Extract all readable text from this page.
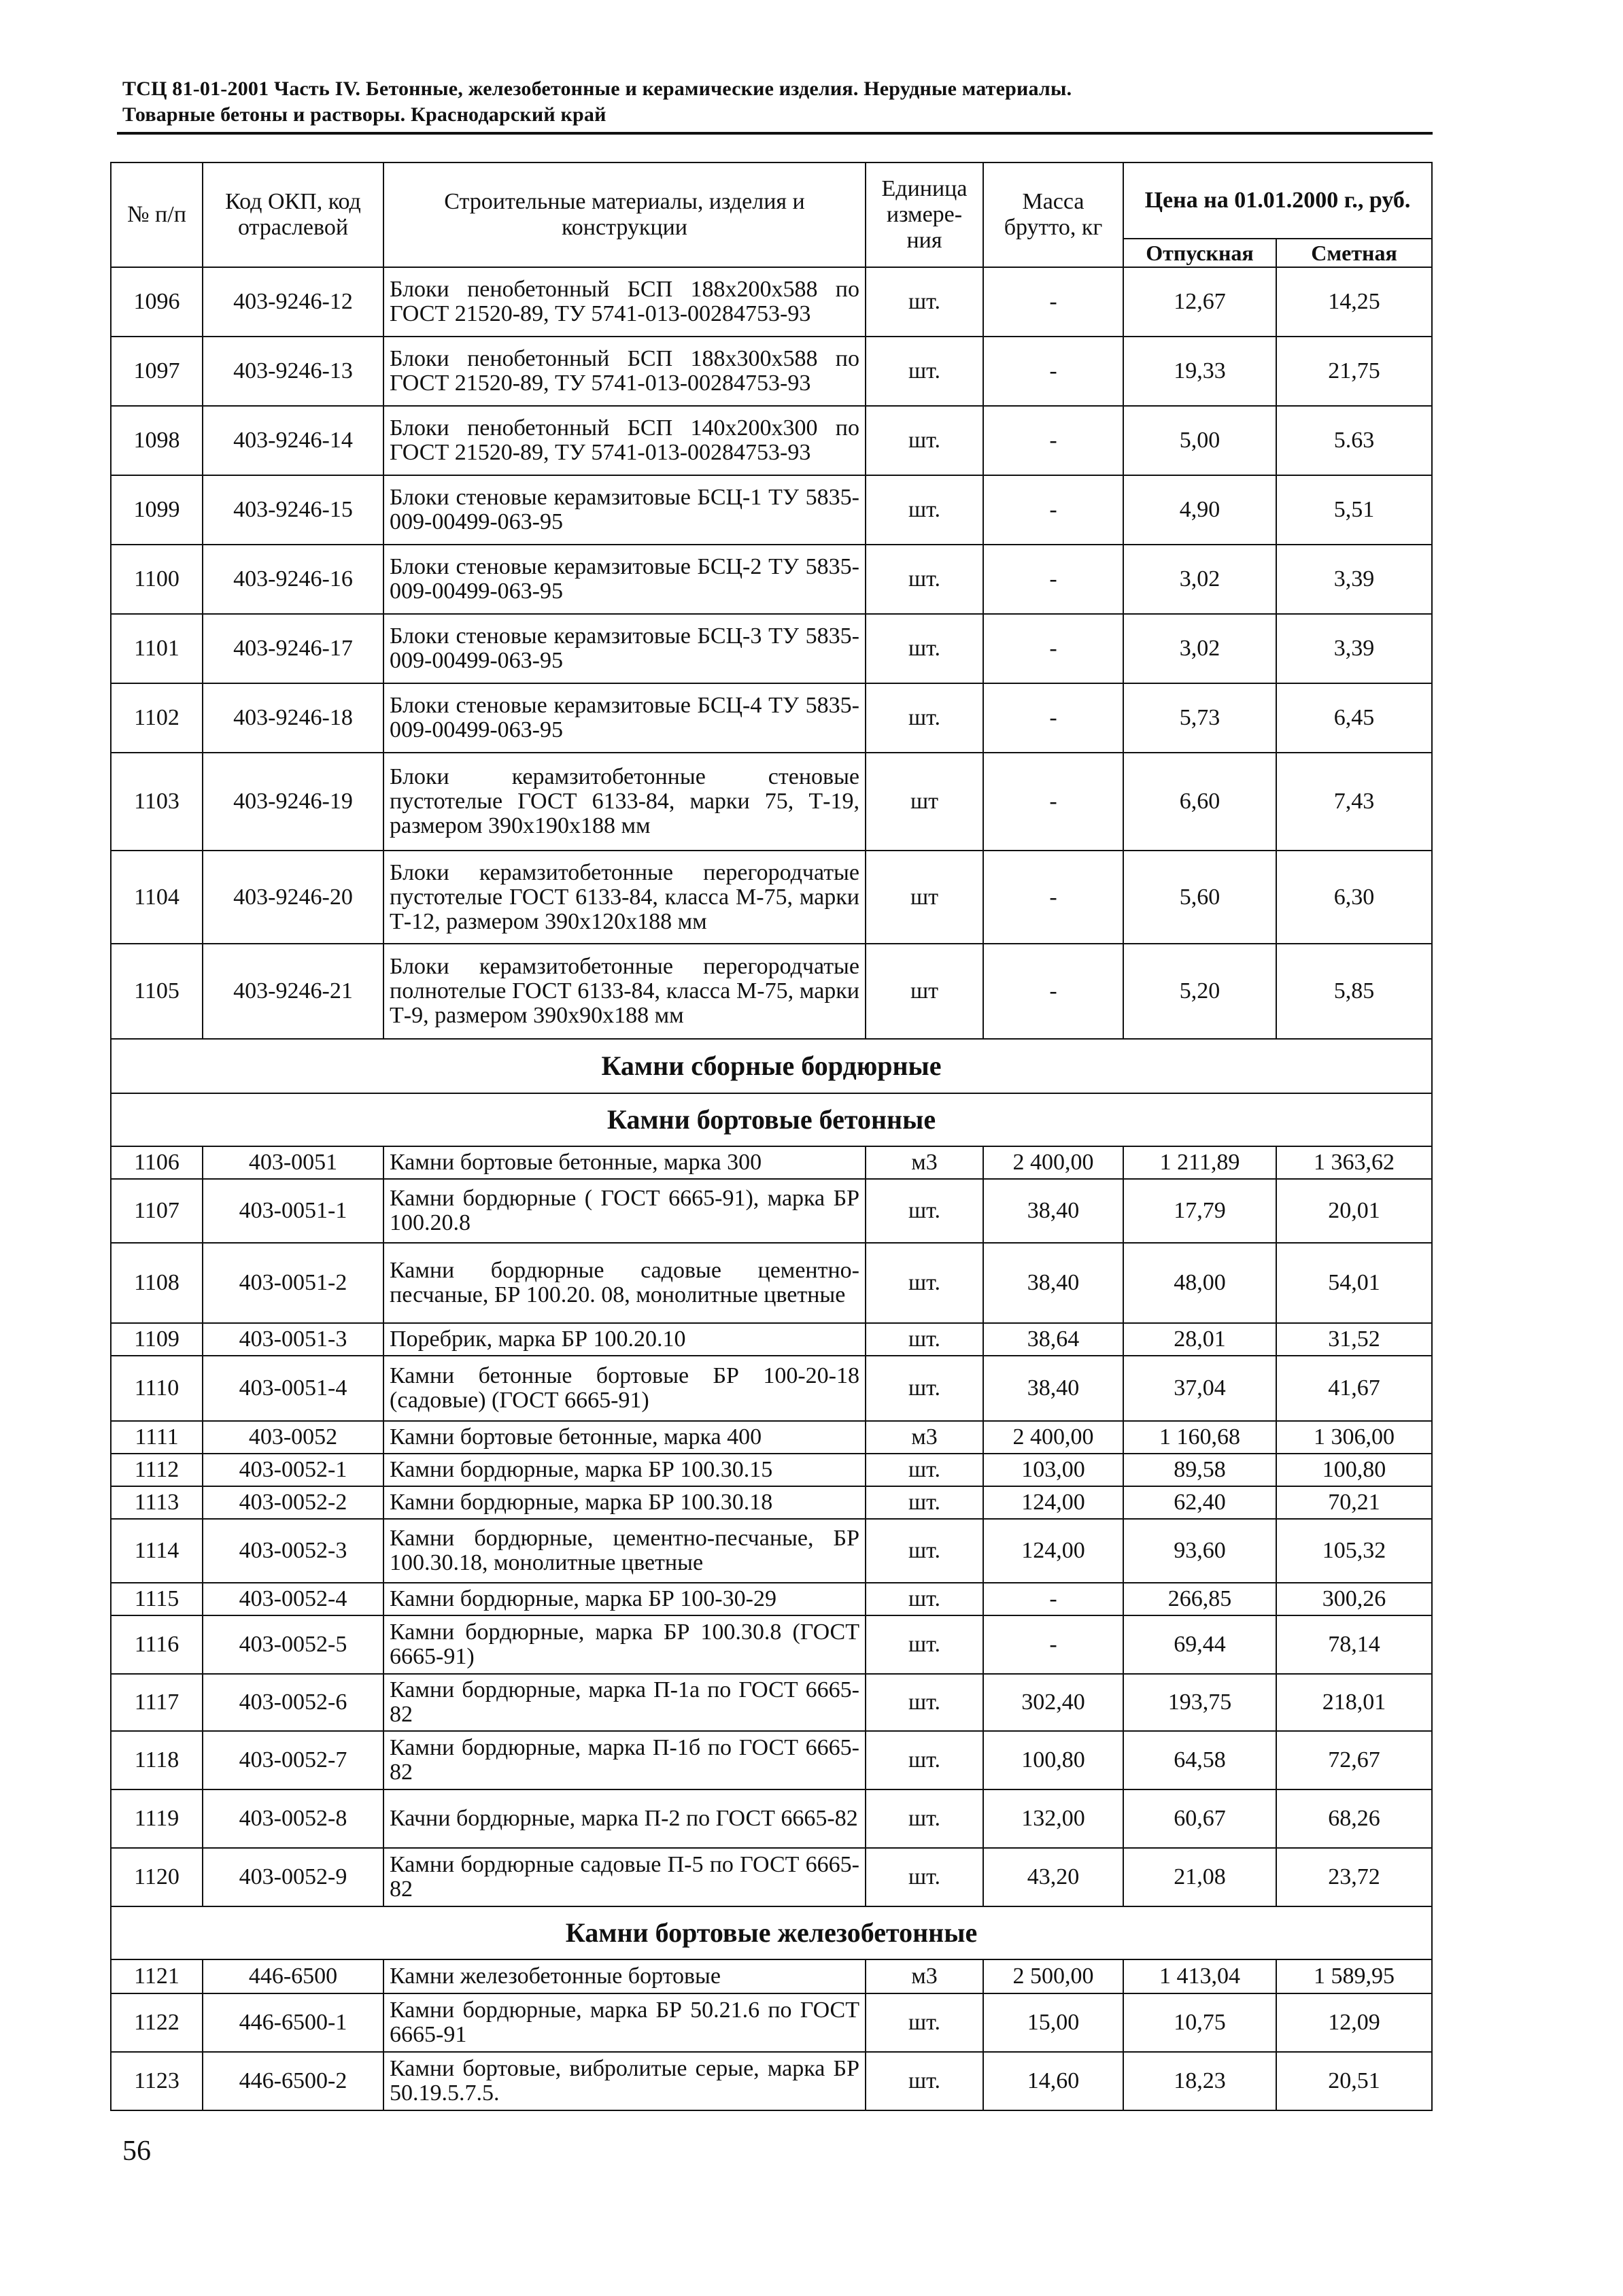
ТСЦ 81-01-2001 Часть IV. Бетонные, железобетонные и керамические изделия. Нерудные материалы.
Товарные бетоны и растворы. Краснодарский край
№ п/п	Код ОКП, код отраслевой	Строительные материалы, изделия и конструкции	Единица измере-ния	Масса брутто, кг	Цена на 01.01.2000 г., руб.	
					Отпускная	Сметная
1096	403-9246-12	Блоки пенобетонный БСП 188х200х588 по ГОСТ 21520-89, ТУ 5741-013-00284753-93	шт.	-	12,67	14,25
1097	403-9246-13	Блоки пенобетонный БСП 188х300х588 по ГОСТ 21520-89, ТУ 5741-013-00284753-93	шт.	-	19,33	21,75
1098	403-9246-14	Блоки пенобетонный БСП 140х200х300 по ГОСТ 21520-89, ТУ 5741-013-00284753-93	шт.	-	5,00	5.63
1099	403-9246-15	Блоки стеновые керамзитовые БСЦ-1 ТУ 5835-009-00499-063-95	шт.	-	4,90	5,51
1100	403-9246-16	Блоки стеновые керамзитовые БСЦ-2 ТУ 5835-009-00499-063-95	шт.	-	3,02	3,39
1101	403-9246-17	Блоки стеновые керамзитовые БСЦ-3 ТУ 5835-009-00499-063-95	шт.	-	3,02	3,39
1102	403-9246-18	Блоки стеновые керамзитовые БСЦ-4 ТУ 5835-009-00499-063-95	шт.	-	5,73	6,45
1103	403-9246-19	Блоки керамзитобетонные стеновые пустотелые ГОСТ 6133-84, марки 75, Т-19, размером 390х190х188 мм	шт	-	6,60	7,43
1104	403-9246-20	Блоки керамзитобетонные перегородчатые пустотелые ГОСТ 6133-84, класса М-75, марки Т-12, размером 390х120х188 мм	шт	-	5,60	6,30
1105	403-9246-21	Блоки керамзитобетонные перегородчатые полнотелые ГОСТ 6133-84, класса М-75, марки Т-9, размером 390х90х188 мм	шт	-	5,20	5,85
Камни сборные бордюрные						
Камни бортовые бетонные						
1106	403-0051	Камни бортовые бетонные, марка 300	м3	2 400,00	1 211,89	1 363,62
1107	403-0051-1	Камни бордюрные ( ГОСТ 6665-91), марка БР 100.20.8	шт.	38,40	17,79	20,01
1108	403-0051-2	Камни бордюрные садовые цементно-песчаные, БР 100.20. 08, монолитные цветные	шт.	38,40	48,00	54,01
1109	403-0051-3	Поребрик, марка БР 100.20.10	шт.	38,64	28,01	31,52
1110	403-0051-4	Камни бетонные бортовые БР 100-20-18 (садовые) (ГОСТ 6665-91)	шт.	38,40	37,04	41,67
1111	403-0052	Камни бортовые бетонные, марка 400	м3	2 400,00	1 160,68	1 306,00
1112	403-0052-1	Камни бордюрные, марка БР 100.30.15	шт.	103,00	89,58	100,80
1113	403-0052-2	Камни бордюрные, марка БР 100.30.18	шт.	124,00	62,40	70,21
1114	403-0052-3	Камни бордюрные, цементно-песчаные, БР 100.30.18, монолитные цветные	шт.	124,00	93,60	105,32
1115	403-0052-4	Камни бордюрные, марка БР 100-30-29	шт.	-	266,85	300,26
1116	403-0052-5	Камни бордюрные, марка БР 100.30.8 (ГОСТ 6665-91)	шт.	-	69,44	78,14
1117	403-0052-6	Камни бордюрные, марка П-1а по ГОСТ 6665-82	шт.	302,40	193,75	218,01
1118	403-0052-7	Камни бордюрные, марка П-1б по ГОСТ 6665-82	шт.	100,80	64,58	72,67
1119	403-0052-8	Качни бордюрные, марка П-2 по ГОСТ 6665-82	шт.	132,00	60,67	68,26
1120	403-0052-9	Камни бордюрные садовые П-5 по ГОСТ 6665-82	шт.	43,20	21,08	23,72
Камни бортовые железобетонные						
1121	446-6500	Камни железобетонные бортовые	м3	2 500,00	1 413,04	1 589,95
1122	446-6500-1	Камни бордюрные, марка БР 50.21.6 по ГОСТ 6665-91	шт.	15,00	10,75	12,09
1123	446-6500-2	Камни бортовые, вибролитые серые, марка БР 50.19.5.7.5.	шт.	14,60	18,23	20,51
56
